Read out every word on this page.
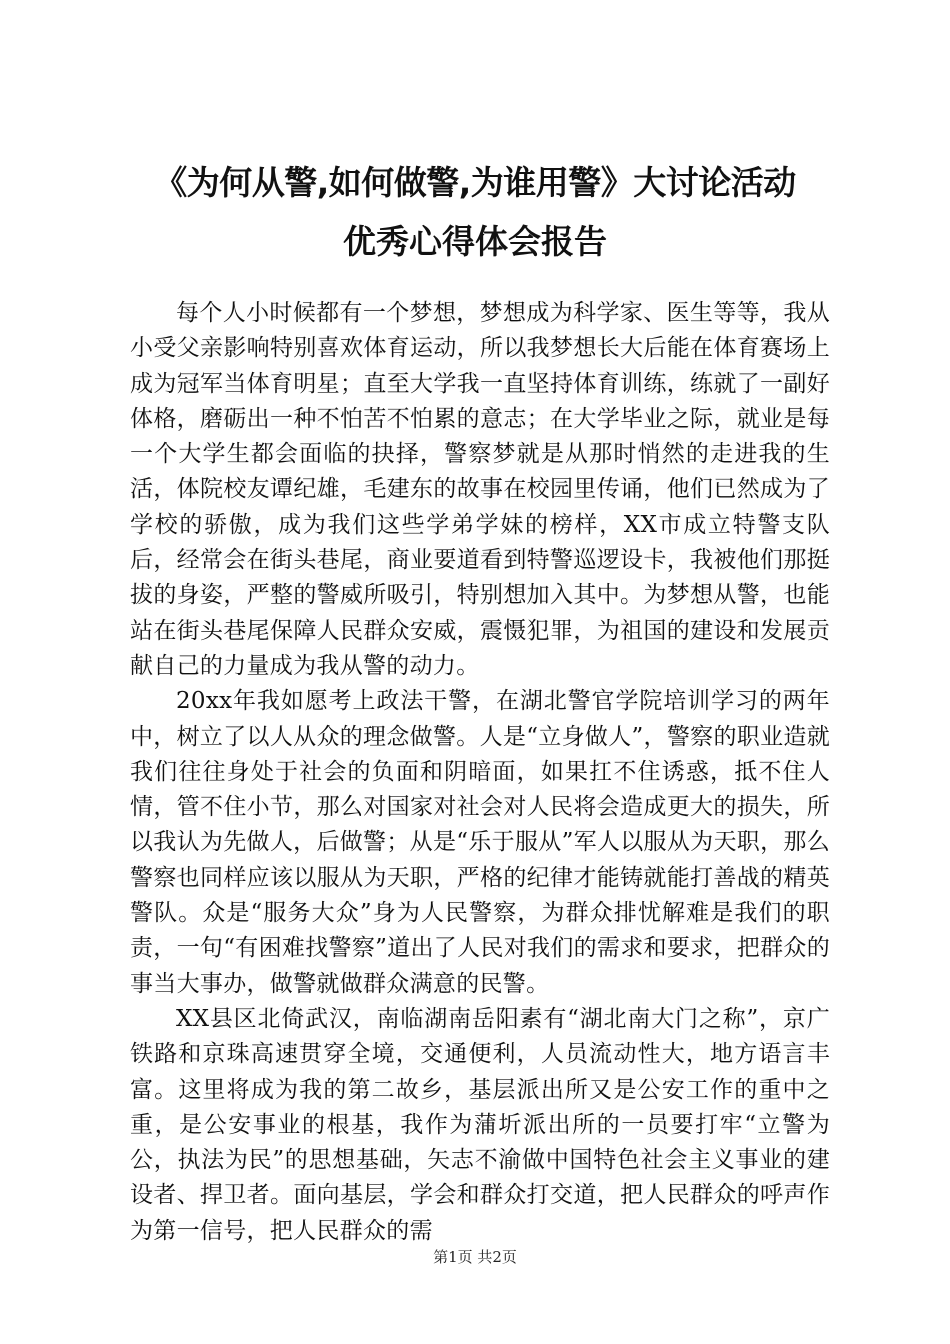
《为何从警,如何做警,为谁用警》大讨论活动
优秀心得体会报告

每个人小时候都有一个梦想，梦想成为科学家、医生等等，我从小受父亲影响特别喜欢体育运动，所以我梦想长大后能在体育赛场上成为冠军当体育明星；直至大学我一直坚持体育训练，练就了一副好体格，磨砺出一种不怕苦不怕累的意志；在大学毕业之际，就业是每一个大学生都会面临的抉择，警察梦就是从那时悄然的走进我的生活，体院校友谭纪雄，毛建东的故事在校园里传诵，他们已然成为了学校的骄傲，成为我们这些学弟学妹的榜样，XX市成立特警支队后，经常会在街头巷尾，商业要道看到特警巡逻设卡，我被他们那挺拔的身姿，严整的警威所吸引，特别想加入其中。为梦想从警，也能站在街头巷尾保障人民群众安威，震慑犯罪，为祖国的建设和发展贡献自己的力量成为我从警的动力。

20xx年我如愿考上政法干警，在湖北警官学院培训学习的两年中，树立了以人从众的理念做警。人是“立身做人”，警察的职业造就我们往往身处于社会的负面和阴暗面，如果扛不住诱惑，抵不住人情，管不住小节，那么对国家对社会对人民将会造成更大的损失，所以我认为先做人，后做警；从是“乐于服从”军人以服从为天职，那么警察也同样应该以服从为天职，严格的纪律才能铸就能打善战的精英警队。众是“服务大众”身为人民警察，为群众排忧解难是我们的职责，一句“有困难找警察”道出了人民对我们的需求和要求，把群众的事当大事办，做警就做群众满意的民警。

XX县区北倚武汉，南临湖南岳阳素有“湖北南大门之称”，京广铁路和京珠高速贯穿全境，交通便利，人员流动性大，地方语言丰富。这里将成为我的第二故乡，基层派出所又是公安工作的重中之重，是公安事业的根基，我作为蒲圻派出所的一员要打牢“立警为公，执法为民”的思想基础，矢志不渝做中国特色社会主义事业的建设者、捍卫者。面向基层，学会和群众打交道，把人民群众的呼声作为第一信号，把人民群众的需

第1页 共2页
